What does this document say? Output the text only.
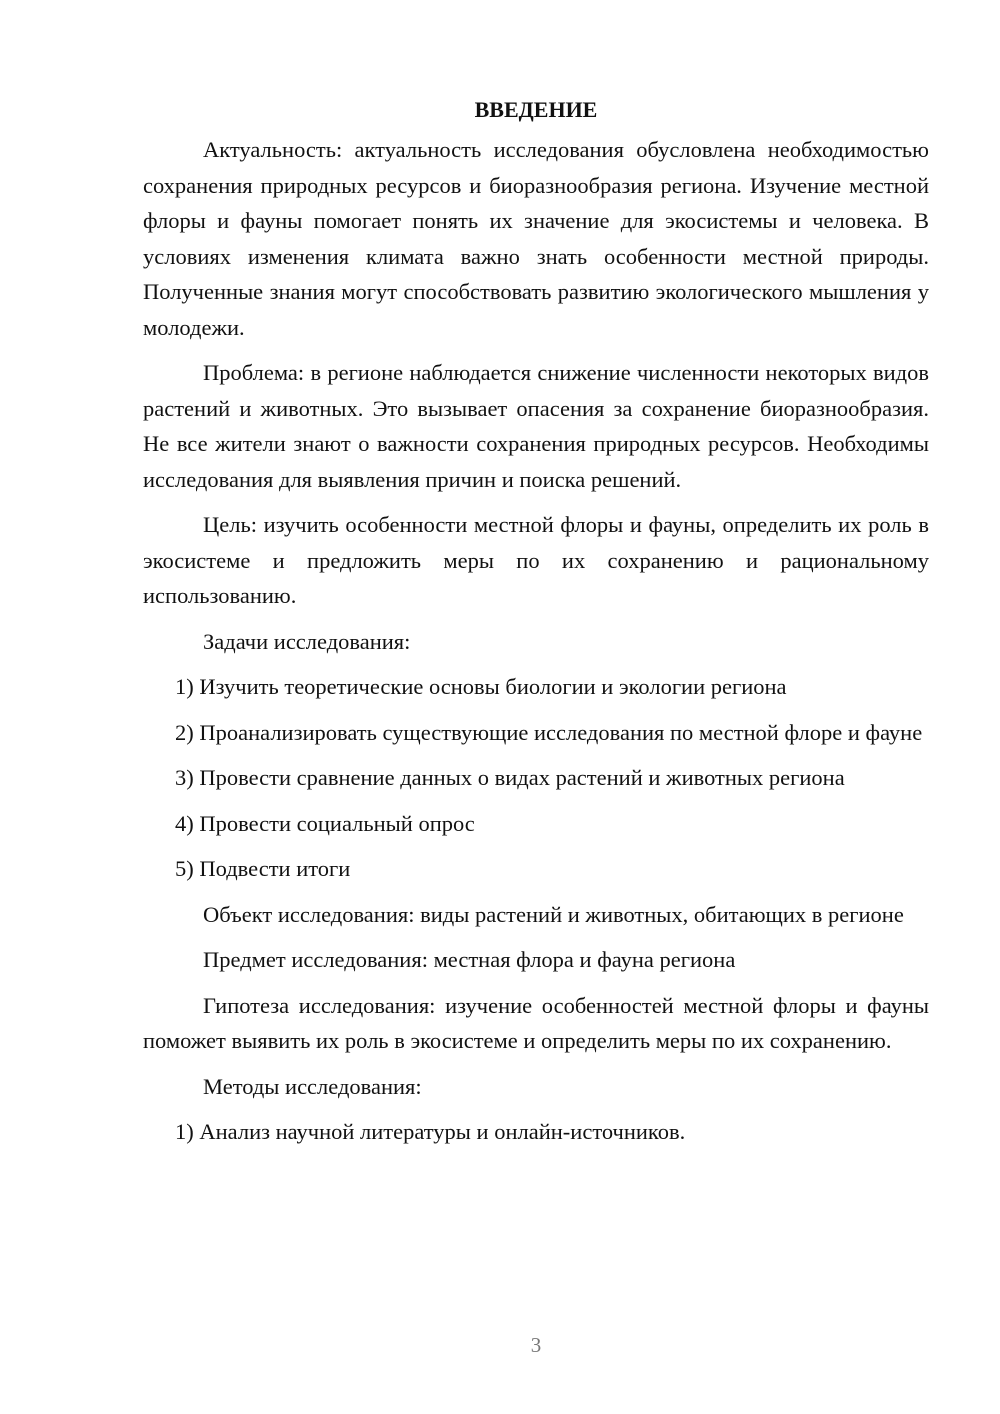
ВВЕДЕНИЕ

Актуальность: актуальность исследования обусловлена необходимостью сохранения природных ресурсов и биоразнообразия региона. Изучение местной флоры и фауны помогает понять их значение для экосистемы и человека. В условиях изменения климата важно знать особенности местной природы. Полученные знания могут способствовать развитию экологического мышления у молодежи.

Проблема: в регионе наблюдается снижение численности некоторых видов растений и животных. Это вызывает опасения за сохранение биоразнообразия. Не все жители знают о важности сохранения природных ресурсов. Необходимы исследования для выявления причин и поиска решений.

Цель: изучить особенности местной флоры и фауны, определить их роль в экосистеме и предложить меры по их сохранению и рациональному использованию.

Задачи исследования:

1) Изучить теоретические основы биологии и экологии региона

2) Проанализировать существующие исследования по местной флоре и фауне

3) Провести сравнение данных о видах растений и животных региона

4) Провести социальный опрос

5) Подвести итоги

Объект исследования: виды растений и животных, обитающих в регионе

Предмет исследования: местная флора и фауна региона

Гипотеза исследования: изучение особенностей местной флоры и фауны поможет выявить их роль в экосистеме и определить меры по их сохранению.

Методы исследования:

1) Анализ научной литературы и онлайн-источников.

3
